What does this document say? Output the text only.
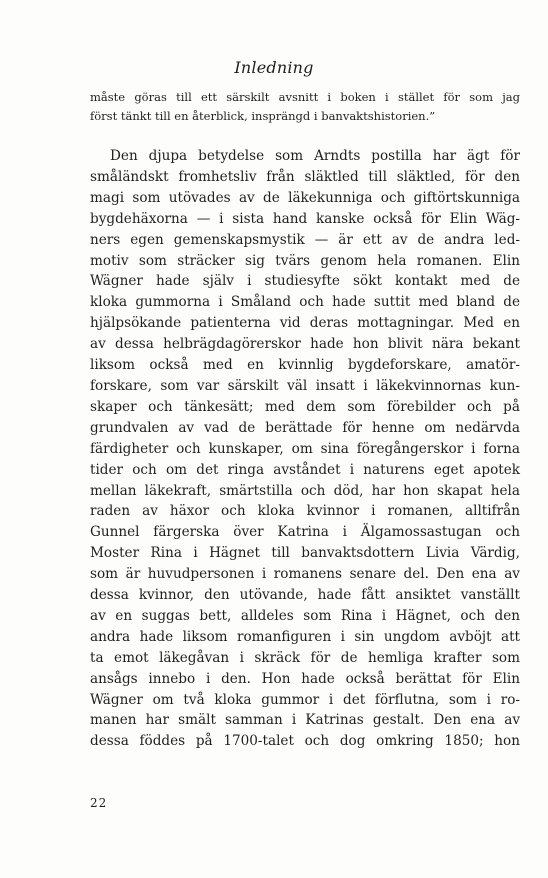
Inledning
måste göras till ett särskilt avsnitt i boken i stället för som jag
först tänkt till en återblick, insprängd i banvaktshistorien.”
Den djupa betydelse som Arndts postilla har ägt för
småländskt fromhetsliv från släktled till släktled, för den
magi som utövades av de läkekunniga och giftörtskunniga
bygdehäxorna — i sista hand kanske också för Elin Wäg-
ners egen gemenskapsmystik — är ett av de andra led-
motiv som sträcker sig tvärs genom hela romanen. Elin
Wägner hade själv i studiesyfte sökt kontakt med de
kloka gummorna i Småland och hade suttit med bland de
hjälpsökande patienterna vid deras mottagningar. Med en
av dessa helbrägdagörerskor hade hon blivit nära bekant
liksom också med en kvinnlig bygdeforskare, amatör-
forskare, som var särskilt väl insatt i läkekvinnornas kun-
skaper och tänkesätt; med dem som förebilder och på
grundvalen av vad de berättade för henne om nedärvda
färdigheter och kunskaper, om sina föregångerskor i forna
tider och om det ringa avståndet i naturens eget apotek
mellan läkekraft, smärtstilla och död, har hon skapat hela
raden av häxor och kloka kvinnor i romanen, alltifrån
Gunnel färgerska över Katrina i Älgamossastugan och
Moster Rina i Hägnet till banvaktsdottern Livia Värdig,
som är huvudpersonen i romanens senare del. Den ena av
dessa kvinnor, den utövande, hade fått ansiktet vanställt
av en suggas bett, alldeles som Rina i Hägnet, och den
andra hade liksom romanfiguren i sin ungdom avböjt att
ta emot läkegåvan i skräck för de hemliga krafter som
ansågs innebo i den. Hon hade också berättat för Elin
Wägner om två kloka gummor i det förflutna, som i ro-
manen har smält samman i Katrinas gestalt. Den ena av
dessa föddes på 1700-talet och dog omkring 1850; hon
22
